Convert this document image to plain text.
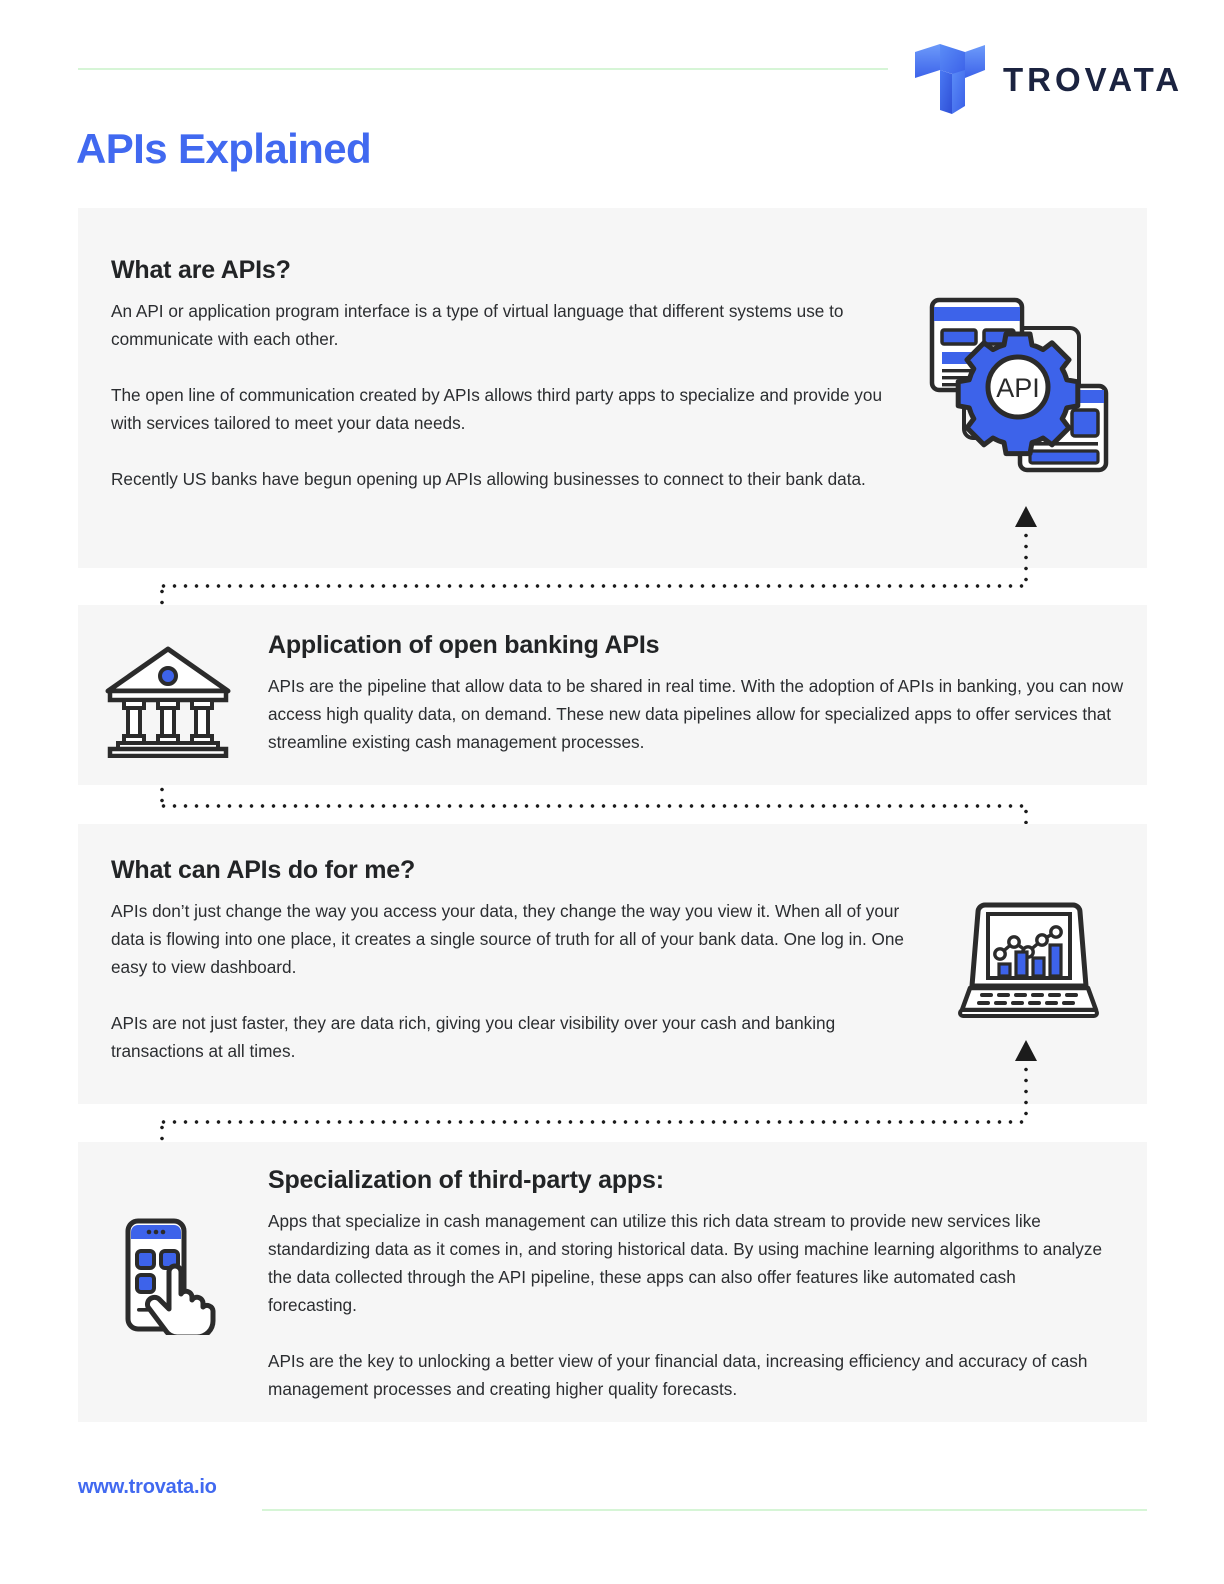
TROVATA
APIs Explained
What are APIs?

An API or application program interface is a type of virtual language that different systems use to communicate with each other.

The open line of communication created by APIs allows third party apps to specialize and provide you with services tailored to meet your data needs.

Recently US banks have begun opening up APIs allowing businesses to connect to their bank data.

API
Application of open banking APIs

APIs are the pipeline that allow data to be shared in real time. With the adoption of APIs in banking, you can now access high quality data, on demand. These new data pipelines allow for specialized apps to offer services that streamline existing cash management processes.

What can APIs do for me?

APIs don’t just change the way you access your data, they change the way you view it. When all of your data is flowing into one place, it creates a single source of truth for all of your bank data. One log in. One easy to view dashboard.

APIs are not just faster, they are data rich, giving you clear visibility over your cash and banking transactions at all times.

Specialization of third-party apps:

Apps that specialize in cash management can utilize this rich data stream to provide new services like standardizing data as it comes in, and storing historical data. By using machine learning algorithms to analyze the data collected through the API pipeline, these apps can also offer features like automated cash forecasting.

APIs are the key to unlocking a better view of your financial data, increasing efficiency and accuracy of cash management processes and creating higher quality forecasts.

www.trovata.io
